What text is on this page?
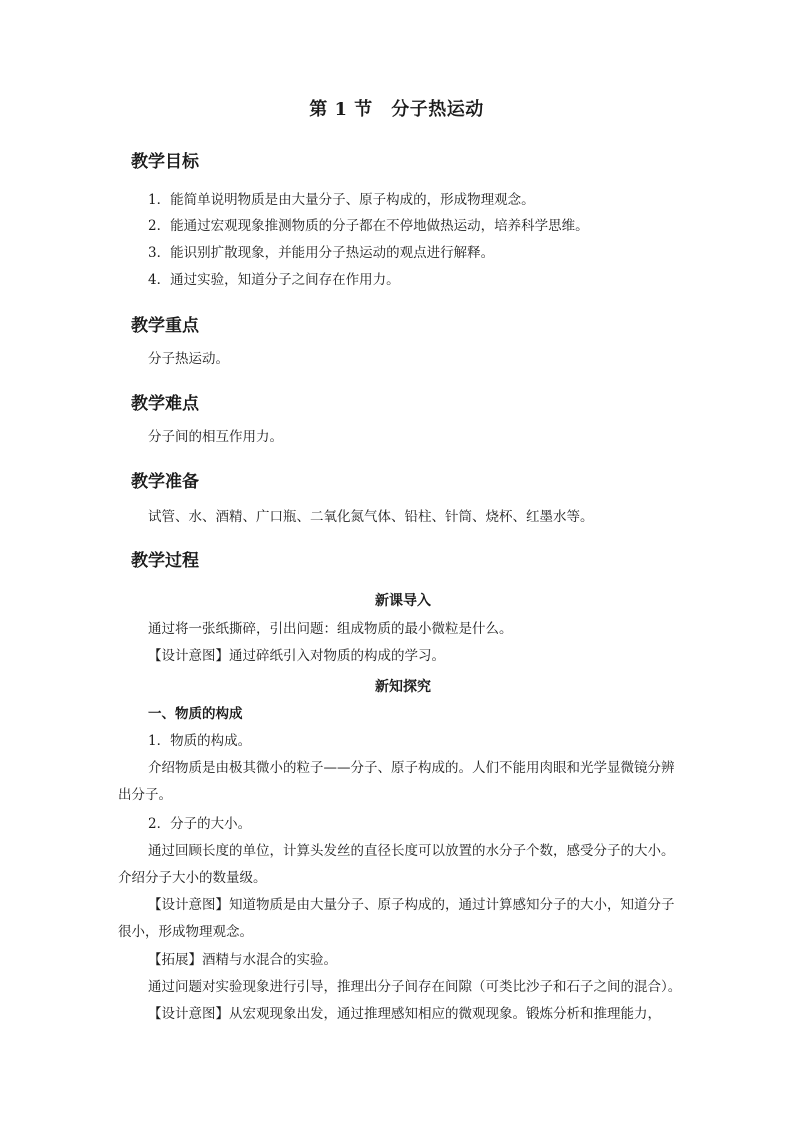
第 1 节　分子热运动
教学目标

1．能简单说明物质是由大量分子、原子构成的，形成物理观念。

2．能通过宏观现象推测物质的分子都在不停地做热运动，培养科学思维。

3．能识别扩散现象，并能用分子热运动的观点进行解释。

4．通过实验，知道分子之间存在作用力。

教学重点

分子热运动。

教学难点

分子间的相互作用力。

教学准备

试管、水、酒精、广口瓶、二氧化氮气体、铅柱、针筒、烧杯、红墨水等。

教学过程

新课导入

通过将一张纸撕碎，引出问题：组成物质的最小微粒是什么。

【设计意图】通过碎纸引入对物质的构成的学习。

新知探究

一、物质的构成

1．物质的构成。

介绍物质是由极其微小的粒子——分子、原子构成的。人们不能用肉眼和光学显微镜分辨出分子。

2．分子的大小。

通过回顾长度的单位，计算头发丝的直径长度可以放置的水分子个数，感受分子的大小。介绍分子大小的数量级。

【设计意图】知道物质是由大量分子、原子构成的，通过计算感知分子的大小，知道分子很小，形成物理观念。

【拓展】酒精与水混合的实验。

通过问题对实验现象进行引导，推理出分子间存在间隙（可类比沙子和石子之间的混合）。

【设计意图】从宏观现象出发，通过推理感知相应的微观现象。锻炼分析和推理能力，
